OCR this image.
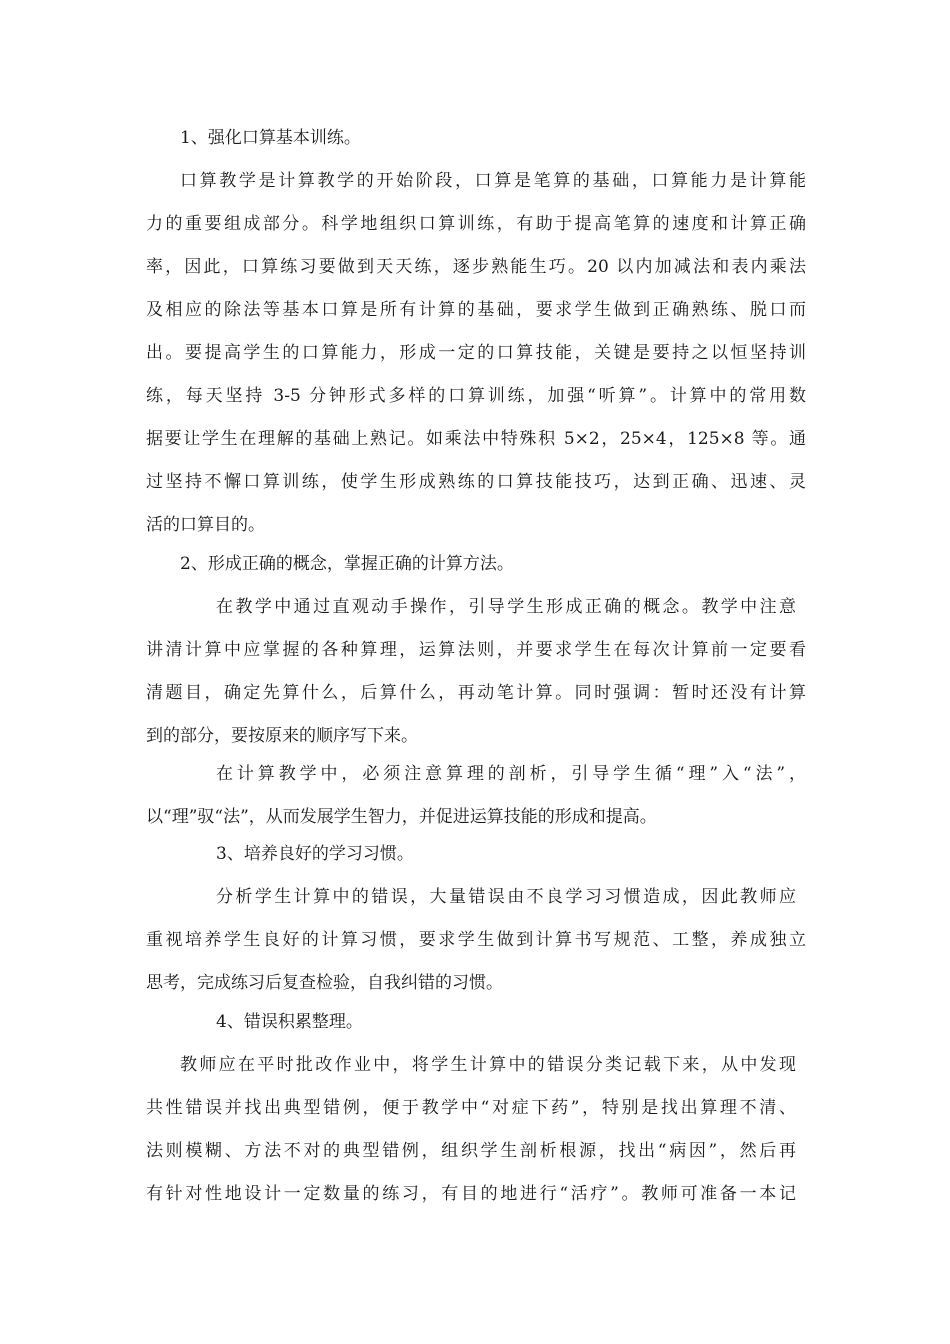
1、强化口算基本训练。
口算教学是计算教学的开始阶段，口算是笔算的基础，口算能力是计算能
力的重要组成部分。科学地组织口算训练，有助于提高笔算的速度和计算正确
率，因此，口算练习要做到天天练，逐步熟能生巧。20 以内加减法和表内乘法
及相应的除法等基本口算是所有计算的基础，要求学生做到正确熟练、脱口而
出。要提高学生的口算能力，形成一定的口算技能，关键是要持之以恒坚持训
练，每天坚持 3-5 分钟形式多样的口算训练，加强“听算”。计算中的常用数
据要让学生在理解的基础上熟记。如乘法中特殊积 5×2，25×4，125×8 等。通
过坚持不懈口算训练，使学生形成熟练的口算技能技巧，达到正确、迅速、灵
活的口算目的。
2、形成正确的概念，掌握正确的计算方法。
在教学中通过直观动手操作，引导学生形成正确的概念。教学中注意
讲清计算中应掌握的各种算理，运算法则，并要求学生在每次计算前一定要看
清题目，确定先算什么，后算什么，再动笔计算。同时强调：暂时还没有计算
到的部分，要按原来的顺序写下来。
在计算教学中，必须注意算理的剖析，引导学生循“理”入“法”，
以“理”驭“法”，从而发展学生智力，并促进运算技能的形成和提高。
3、培养良好的学习习惯。
分析学生计算中的错误，大量错误由不良学习习惯造成，因此教师应
重视培养学生良好的计算习惯，要求学生做到计算书写规范、工整，养成独立
思考，完成练习后复查检验，自我纠错的习惯。
4、错误积累整理。
教师应在平时批改作业中，将学生计算中的错误分类记载下来，从中发现
共性错误并找出典型错例，便于教学中“对症下药”，特别是找出算理不清、
法则模糊、方法不对的典型错例，组织学生剖析根源，找出“病因”，然后再
有针对性地设计一定数量的练习，有目的地进行“活疗”。教师可准备一本记
